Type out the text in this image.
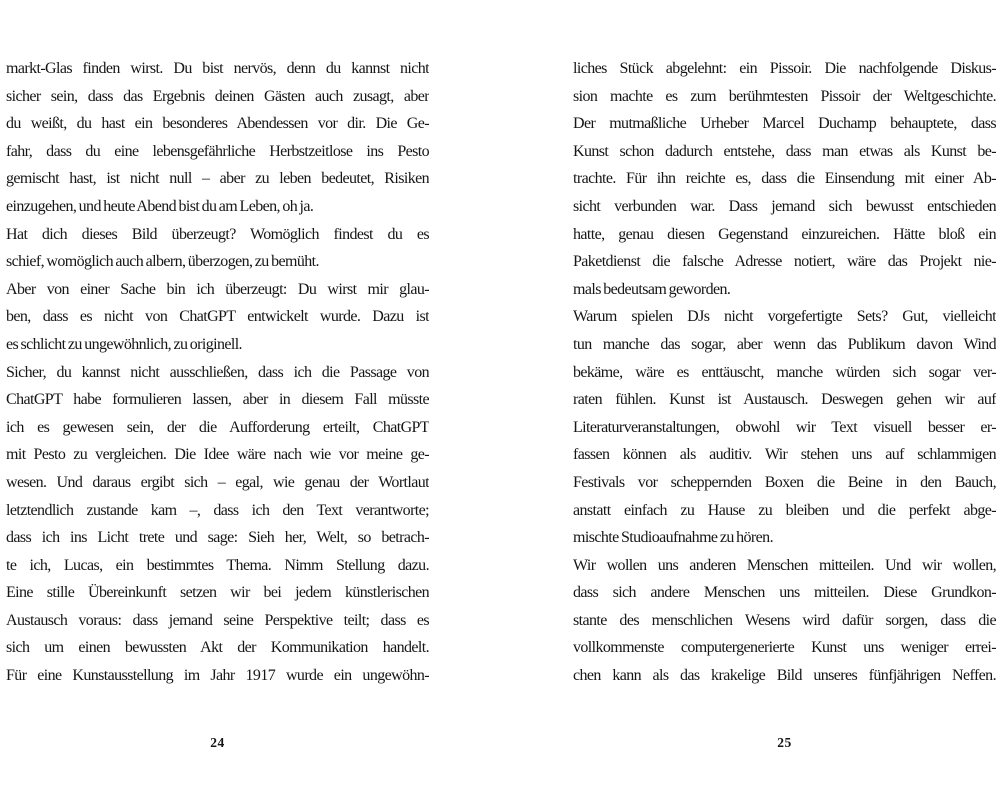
markt-Glas finden wirst. Du bist nervös, denn du kannst nicht
sicher sein, dass das Ergebnis deinen Gästen auch zusagt, aber
du weißt, du hast ein besonderes Abendessen vor dir. Die Ge-
fahr, dass du eine lebensgefährliche Herbstzeitlose ins Pesto
gemischt hast, ist nicht null – aber zu leben bedeutet, Risiken
einzugehen, und heute Abend bist du am Leben, oh ja.
Hat dich dieses Bild überzeugt? Womöglich findest du es
schief, womöglich auch albern, überzogen, zu bemüht.
Aber von einer Sache bin ich überzeugt: Du wirst mir glau-
ben, dass es nicht von ChatGPT entwickelt wurde. Dazu ist
es schlicht zu ungewöhnlich, zu originell.
Sicher, du kannst nicht ausschließen, dass ich die Passage von
ChatGPT habe formulieren lassen, aber in diesem Fall müsste
ich es gewesen sein, der die Aufforderung erteilt, ChatGPT
mit Pesto zu vergleichen. Die Idee wäre nach wie vor meine ge-
wesen. Und daraus ergibt sich – egal, wie genau der Wortlaut
letztendlich zustande kam –, dass ich den Text verantworte;
dass ich ins Licht trete und sage: Sieh her, Welt, so betrach-
te ich, Lucas, ein bestimmtes Thema. Nimm Stellung dazu.
Eine stille Übereinkunft setzen wir bei jedem künstlerischen
Austausch voraus: dass jemand seine Perspektive teilt; dass es
sich um einen bewussten Akt der Kommunikation handelt.
Für eine Kunstausstellung im Jahr 1917 wurde ein ungewöhn-
24
liches Stück abgelehnt: ein Pissoir. Die nachfolgende Diskus-
sion machte es zum berühmtesten Pissoir der Weltgeschichte.
Der mutmaßliche Urheber Marcel Duchamp behauptete, dass
Kunst schon dadurch entstehe, dass man etwas als Kunst be-
trachte. Für ihn reichte es, dass die Einsendung mit einer Ab-
sicht verbunden war. Dass jemand sich bewusst entschieden
hatte, genau diesen Gegenstand einzureichen. Hätte bloß ein
Paketdienst die falsche Adresse notiert, wäre das Projekt nie-
mals bedeutsam geworden.
Warum spielen DJs nicht vorgefertigte Sets? Gut, vielleicht
tun manche das sogar, aber wenn das Publikum davon Wind
bekäme, wäre es enttäuscht, manche würden sich sogar ver-
raten fühlen. Kunst ist Austausch. Deswegen gehen wir auf
Literaturveranstaltungen, obwohl wir Text visuell besser er-
fassen können als auditiv. Wir stehen uns auf schlammigen
Festivals vor scheppernden Boxen die Beine in den Bauch,
anstatt einfach zu Hause zu bleiben und die perfekt abge-
mischte Studioaufnahme zu hören.
Wir wollen uns anderen Menschen mitteilen. Und wir wollen,
dass sich andere Menschen uns mitteilen. Diese Grundkon-
stante des menschlichen Wesens wird dafür sorgen, dass die
vollkommenste computergenerierte Kunst uns weniger errei-
chen kann als das krakelige Bild unseres fünfjährigen Neffen.
25
